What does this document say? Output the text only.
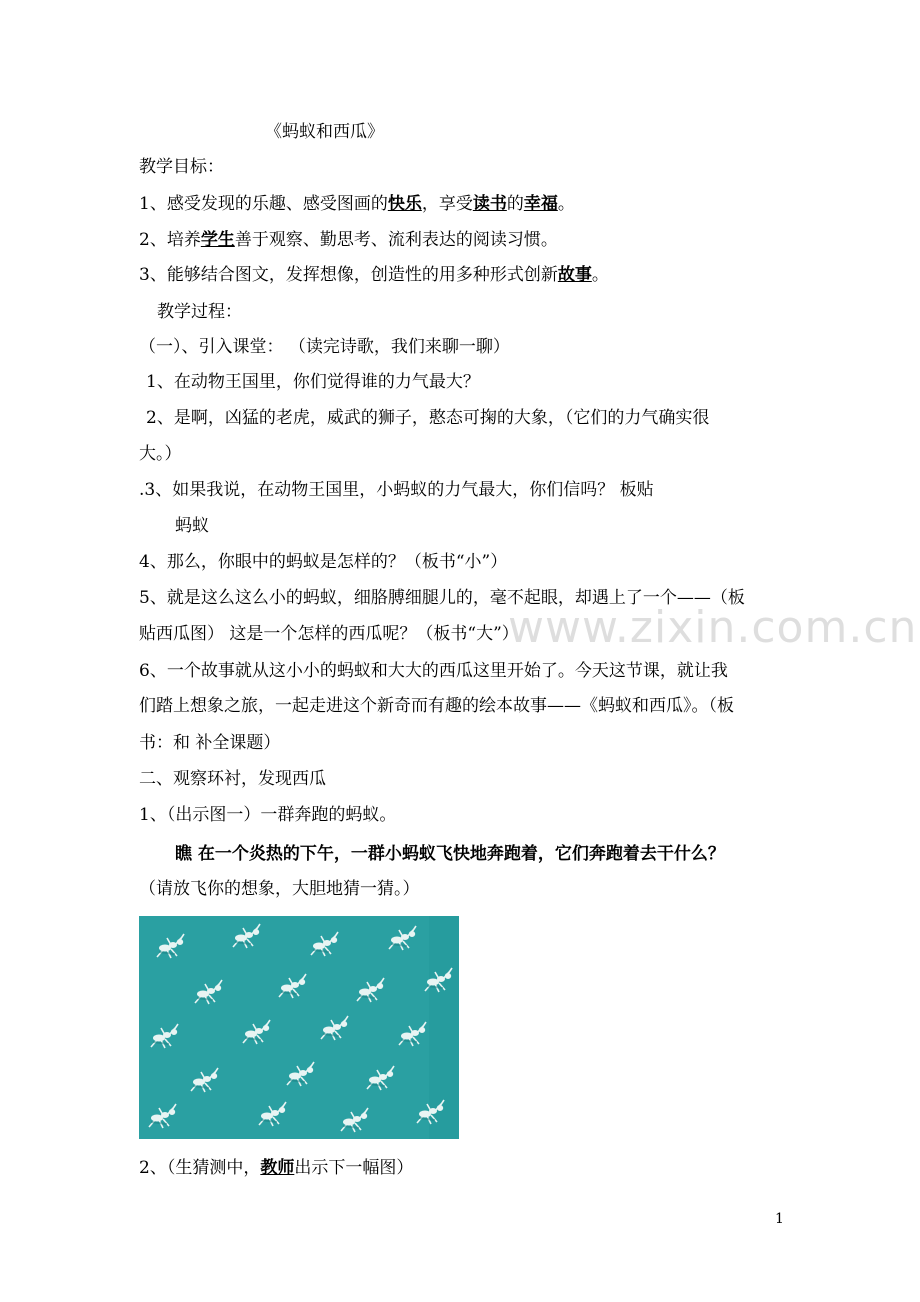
《蚂蚁和西瓜》
教学目标：
1、感受发现的乐趣、感受图画的快乐，享受读书的幸福。
2、培养学生善于观察、勤思考、流利表达的阅读习惯。
3、能够结合图文，发挥想像，创造性的用多种形式创新故事。
教学过程：
（一）、引入课堂： （读完诗歌，我们来聊一聊）
1、在动物王国里，你们觉得谁的力气最大？
2、是啊，凶猛的老虎，威武的狮子，憨态可掬的大象，（它们的力气确实很
大。）
.3、如果我说，在动物王国里，小蚂蚁的力气最大，你们信吗？ 板贴
蚂蚁
4、那么，你眼中的蚂蚁是怎样的？（板书“小”）
5、就是这么这么小的蚂蚁，细胳膊细腿儿的，毫不起眼，却遇上了一个——（板
贴西瓜图） 这是一个怎样的西瓜呢？（板书“大”）
www.zixin.com.cn
6、一个故事就从这小小的蚂蚁和大大的西瓜这里开始了。今天这节课，就让我
们踏上想象之旅，一起走进这个新奇而有趣的绘本故事——《蚂蚁和西瓜》。（板
书：和 补全课题）
二、观察环衬，发现西瓜
1、（出示图一）一群奔跑的蚂蚁。
瞧 在一个炎热的下午，一群小蚂蚁飞快地奔跑着，它们奔跑着去干什么？
（请放飞你的想象，大胆地猜一猜。）
2、（生猜测中，教师出示下一幅图）
1
